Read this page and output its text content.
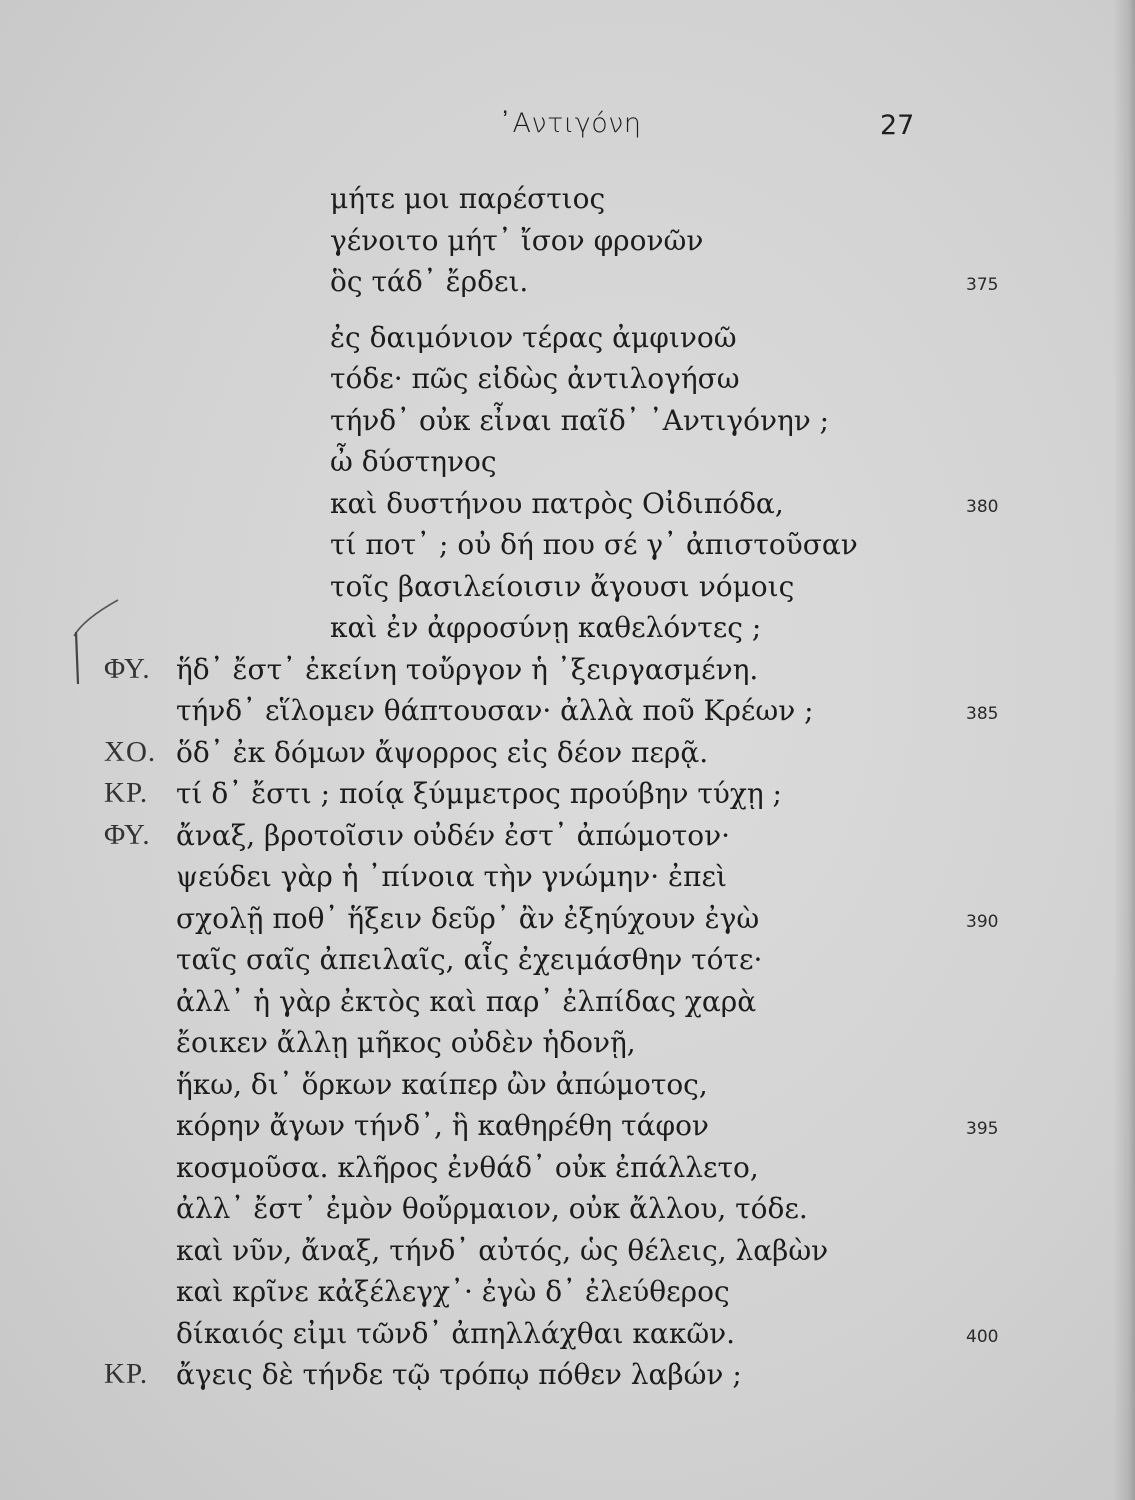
᾿Αντιγόνη	27
μήτε μοι παρέστιος
γένοιτο μήτ᾿ ἴσον φρονῶν
ὃς τάδ᾿ ἔρδει.	375
ἐς δαιμόνιον τέρας ἀμφινοῶ
τόδε· πῶς εἰδὼς ἀντιλογήσω
τήνδ᾿ οὐκ εἶναι παῖδ᾿ ᾿Αντιγόνην ;
ὦ δύστηνος
καὶ δυστήνου πατρὸς Οἰδιπόδα,	380
τί ποτ᾿ ; οὐ δή που σέ γ᾿ ἀπιστοῦσαν
τοῖς βασιλείοισιν ἄγουσι νόμοις
καὶ ἐν ἀφροσύνῃ καθελόντες ;
ΦΥ. ἥδ᾿ ἔστ᾿ ἐκείνη τοὔργον ἡ ᾿ξειργασμένη.
τήνδ᾿ εἵλομεν θάπτουσαν· ἀλλὰ ποῦ Κρέων ;	385
ΧΟ. ὅδ᾿ ἐκ δόμων ἄψορρος εἰς δέον περᾷ.
ΚΡ. τί δ᾿ ἔστι ; ποίᾳ ξύμμετρος προύβην τύχῃ ;
ΦΥ. ἄναξ, βροτοῖσιν οὐδέν ἐστ᾿ ἀπώμοτον·
ψεύδει γὰρ ἡ ᾿πίνοια τὴν γνώμην· ἐπεὶ
σχολῇ ποθ᾿ ἥξειν δεῦρ᾿ ἂν ἐξηύχουν ἐγὼ	390
ταῖς σαῖς ἀπειλαῖς, αἷς ἐχειμάσθην τότε·
ἀλλ᾿ ἡ γὰρ ἐκτὸς καὶ παρ᾿ ἐλπίδας χαρὰ
ἔοικεν ἄλλῃ μῆκος οὐδὲν ἡδονῇ,
ἥκω, δι᾿ ὅρκων καίπερ ὢν ἀπώμοτος,
κόρην ἄγων τήνδ᾿, ἣ καθηρέθη τάφον	395
κοσμοῦσα. κλῆρος ἐνθάδ᾿ οὐκ ἐπάλλετο,
ἀλλ᾿ ἔστ᾿ ἐμὸν θοὔρμαιον, οὐκ ἄλλου, τόδε.
καὶ νῦν, ἄναξ, τήνδ᾿ αὐτός, ὡς θέλεις, λαβὼν
καὶ κρῖνε κἀξέλεγχ᾿· ἐγὼ δ᾿ ἐλεύθερος
δίκαιός εἰμι τῶνδ᾿ ἀπηλλάχθαι κακῶν.	400
ΚΡ. ἄγεις δὲ τήνδε τῷ τρόπῳ πόθεν λαβών ;
